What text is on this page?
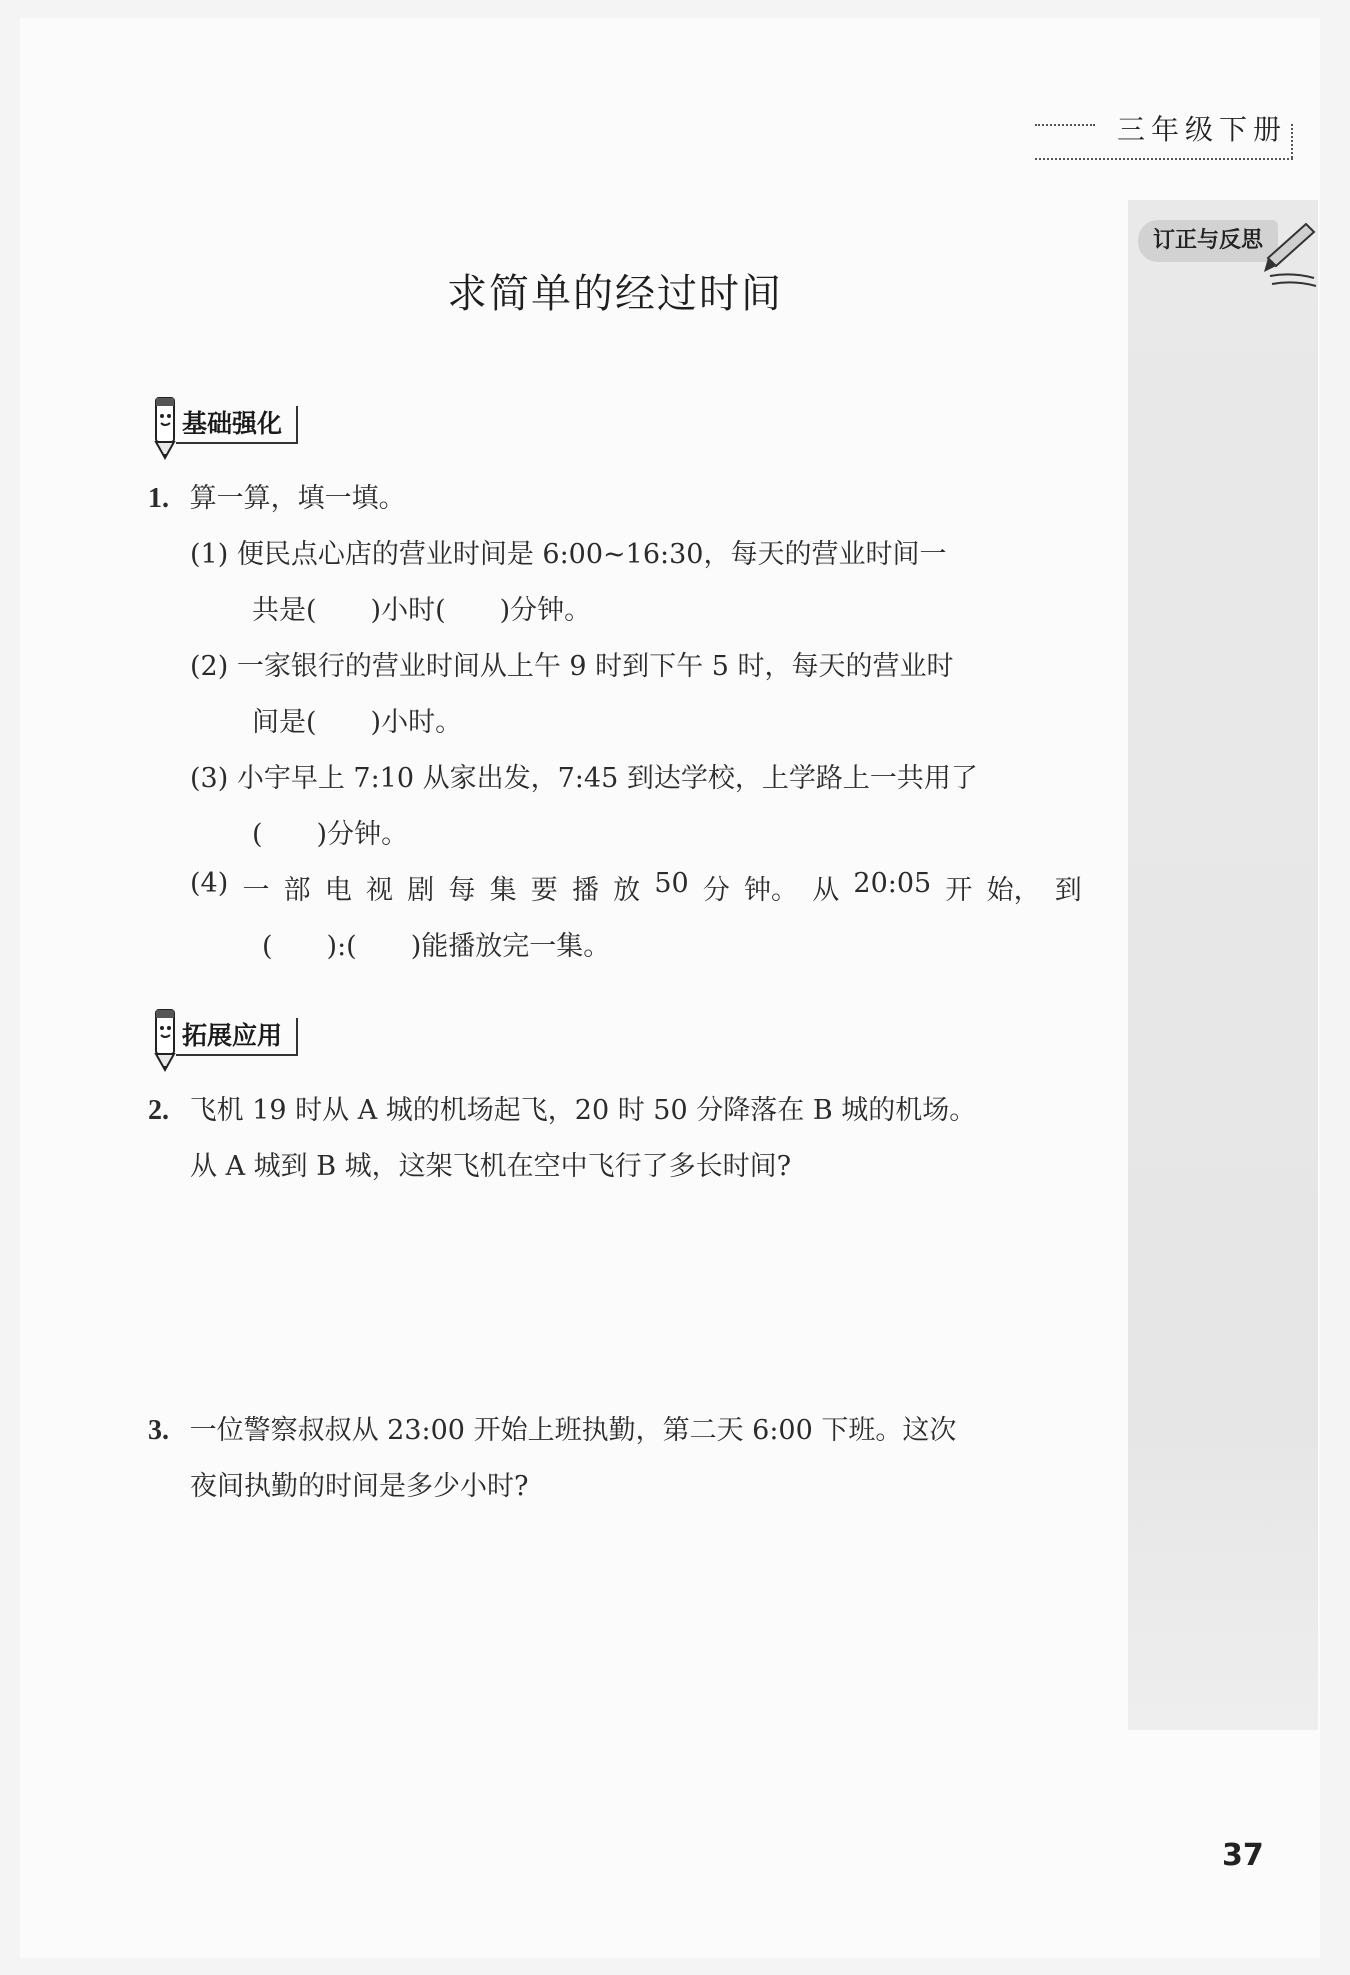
三年级下册
订正与反思
求简单的经过时间
基础强化
1. 算一算，填一填。
(1) 便民点心店的营业时间是 6:00~16:30，每天的营业时间一
共是(　　)小时(　　)分钟。
(2) 一家银行的营业时间从上午 9 时到下午 5 时，每天的营业时
间是(　　)小时。
(3) 小宇早上 7:10 从家出发，7:45 到达学校，上学路上一共用了
(　　)分钟。
(4) 一 部 电 视 剧 每 集 要 播 放 50 分 钟。 从 20:05 开 始， 到
(　　):(　　)能播放完一集。
拓展应用
2. 飞机 19 时从 A 城的机场起飞，20 时 50 分降落在 B 城的机场。
从 A 城到 B 城，这架飞机在空中飞行了多长时间?
3. 一位警察叔叔从 23:00 开始上班执勤，第二天 6:00 下班。这次
夜间执勤的时间是多少小时?
37
